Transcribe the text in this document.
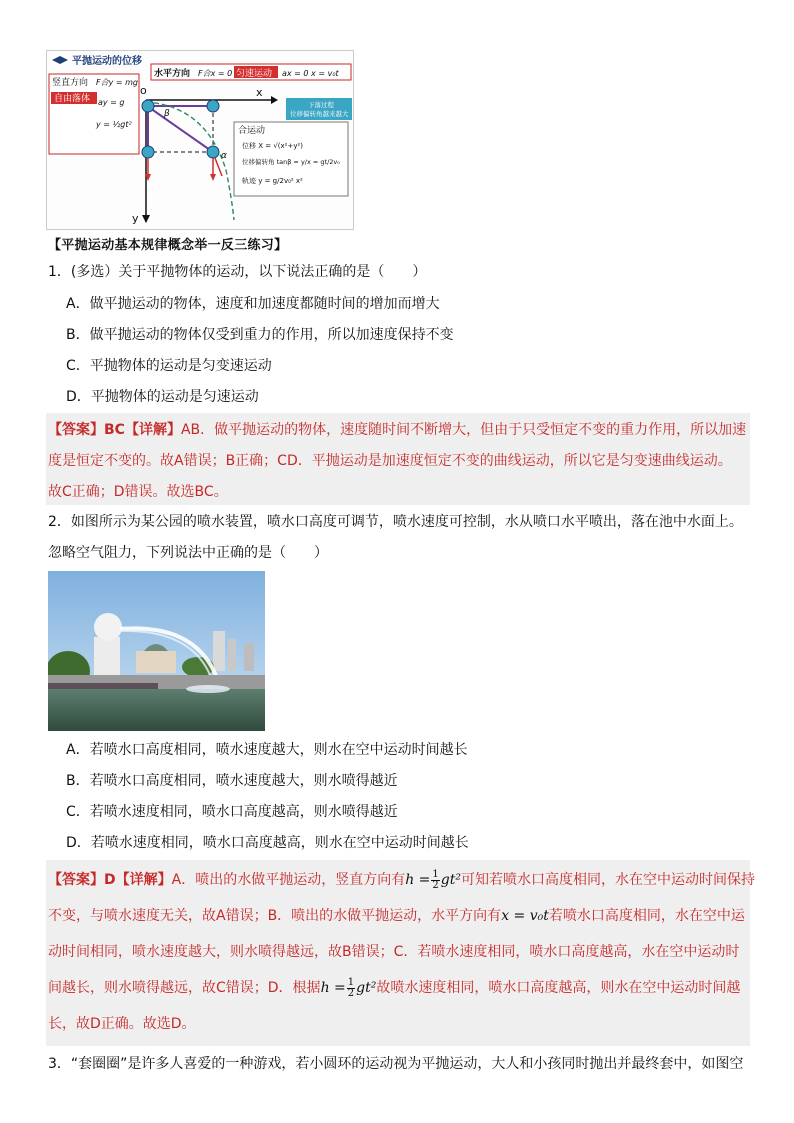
平抛运动的位移
竖直方向 F合y = mg
自由落体 ay = g
y = ½gt²
水平方向 F合x = 0 匀速运动 ax = 0 x = v₀t
x
y
o
β
α
下落过程
位移偏转角越来越大
合运动
位移 X = √(x²+y²)
位移偏转角 tanβ = y/x = gt/2v₀
轨迹 y = g/2v₀² x²
【平抛运动基本规律概念举一反三练习】
1．(多选）关于平抛物体的运动，以下说法正确的是（　　）
A．做平抛运动的物体，速度和加速度都随时间的增加而增大
B．做平抛运动的物体仅受到重力的作用，所以加速度保持不变
C．平抛物体的运动是匀变速运动
D．平抛物体的运动是匀速运动
【答案】BC【详解】AB．做平抛运动的物体，速度随时间不断增大，但由于只受恒定不变的重力作用，所以加速
度是恒定不变的。故A错误；B正确；CD．平抛运动是加速度恒定不变的曲线运动，所以它是匀变速曲线运动。
故C正确；D错误。故选BC。
2．如图所示为某公园的喷水装置，喷水口高度可调节，喷水速度可控制，水从喷口水平喷出，落在池中水面上。
忽略空气阻力，下列说法中正确的是（　　）
A．若喷水口高度相同，喷水速度越大，则水在空中运动时间越长
B．若喷水口高度相同，喷水速度越大，则水喷得越近
C．若喷水速度相同，喷水口高度越高，则水喷得越近
D．若喷水速度相同，喷水口高度越高，则水在空中运动时间越长
【答案】D【详解】A．喷出的水做平抛运动，竖直方向有$h = \frac{1}{2} gt^2$可知若喷水口高度相同，水在空中运动时间保持
不变，与喷水速度无关，故A错误；B．喷出的水做平抛运动，水平方向有x = v₀t若喷水口高度相同，水在空中运
动时间相同，喷水速度越大，则水喷得越远，故B错误；C．若喷水速度相同，喷水口高度越高，水在空中运动时
间越长，则水喷得越远，故C错误；D．根据$h = \frac{1}{2} gt^2$故喷水速度相同，喷水口高度越高，则水在空中运动时间越
长，故D正确。故选D。
3．“套圈圈”是许多人喜爱的一种游戏，若小圆环的运动视为平抛运动，大人和小孩同时抛出并最终套中，如图空
